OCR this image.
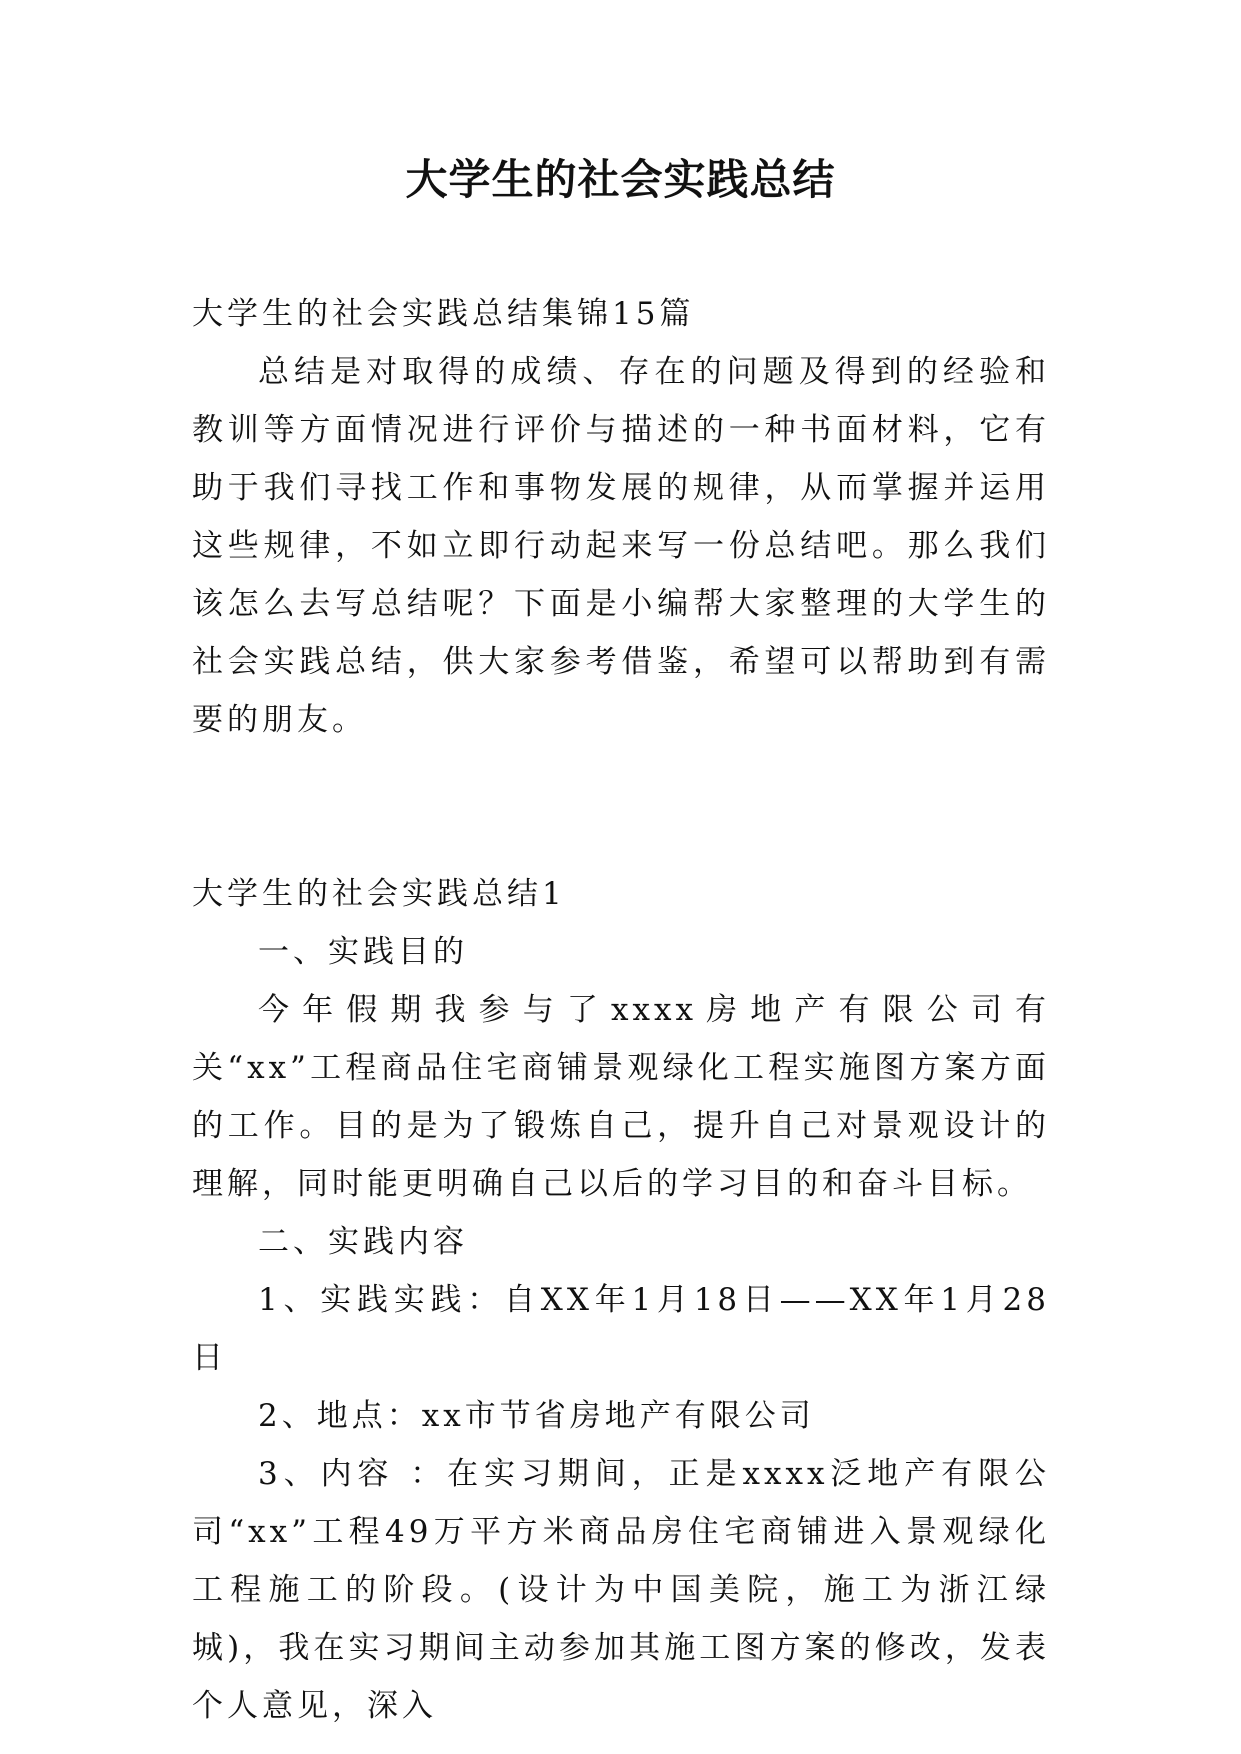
大学生的社会实践总结

大学生的社会实践总结集锦15篇

总结是对取得的成绩、存在的问题及得到的经验和教训等方面情况进行评价与描述的一种书面材料，它有助于我们寻找工作和事物发展的规律，从而掌握并运用这些规律，不如立即行动起来写一份总结吧。那么我们该怎么去写总结呢？下面是小编帮大家整理的大学生的社会实践总结，供大家参考借鉴，希望可以帮助到有需要的朋友。

大学生的社会实践总结1

一、实践目的

今年假期我参与了xxxx房地产有限公司有关“xx”工程商品住宅商铺景观绿化工程实施图方案方面的工作。目的是为了锻炼自己，提升自己对景观设计的理解，同时能更明确自己以后的学习目的和奋斗目标。

二、实践内容

1、实践实践：自XX年1月18日——XX年1月28日

2、地点：xx市节省房地产有限公司

3、内容 ：在实习期间，正是xxxx泛地产有限公司“xx”工程49万平方米商品房住宅商铺进入景观绿化工程施工的阶段。(设计为中国美院，施工为浙江绿城)，我在实习期间主动参加其施工图方案的修改，发表个人意见，深入
